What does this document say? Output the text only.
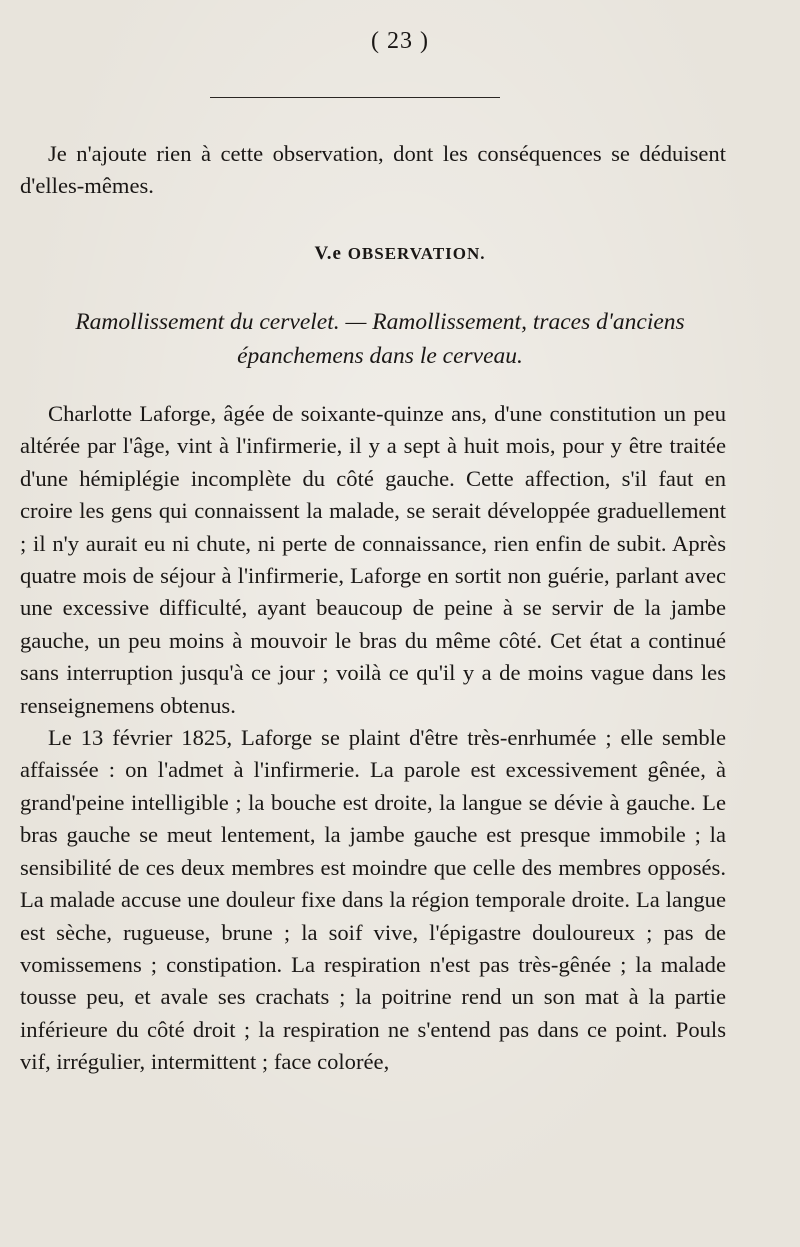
( 23 )

Je n'ajoute rien à cette observation, dont les conséquences se déduisent d'elles-mêmes.

V.e OBSERVATION.
Ramollissement du cervelet. — Ramollissement, traces d'anciens épanchemens dans le cerveau.

Charlotte Laforge, âgée de soixante-quinze ans, d'une constitution un peu altérée par l'âge, vint à l'infirmerie, il y a sept à huit mois, pour y être traitée d'une hémiplégie incomplète du côté gauche. Cette affection, s'il faut en croire les gens qui connaissent la malade, se serait développée graduellement ; il n'y aurait eu ni chute, ni perte de connaissance, rien enfin de subit. Après quatre mois de séjour à l'infirmerie, Laforge en sortit non guérie, parlant avec une excessive difficulté, ayant beaucoup de peine à se servir de la jambe gauche, un peu moins à mouvoir le bras du même côté. Cet état a continué sans interruption jusqu'à ce jour ; voilà ce qu'il y a de moins vague dans les renseignemens obtenus.

Le 13 février 1825, Laforge se plaint d'être très-enrhumée ; elle semble affaissée : on l'admet à l'infirmerie. La parole est excessivement gênée, à grand'peine intelligible ; la bouche est droite, la langue se dévie à gauche. Le bras gauche se meut lentement, la jambe gauche est presque immobile ; la sensibilité de ces deux membres est moindre que celle des membres opposés. La malade accuse une douleur fixe dans la région temporale droite. La langue est sèche, rugueuse, brune ; la soif vive, l'épigastre douloureux ; pas de vomissemens ; constipation. La respiration n'est pas très-gênée ; la malade tousse peu, et avale ses crachats ; la poitrine rend un son mat à la partie inférieure du côté droit ; la respiration ne s'entend pas dans ce point. Pouls vif, irrégulier, intermittent ; face colorée,
